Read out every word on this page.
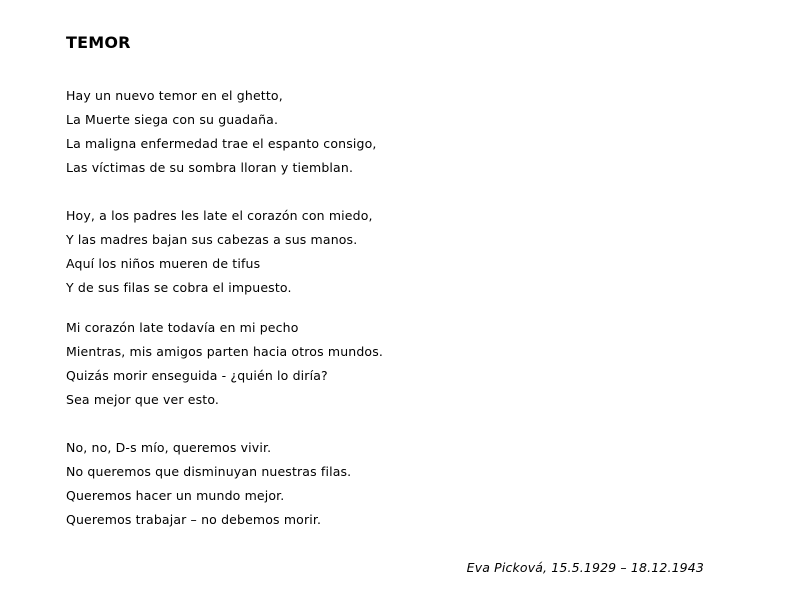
TEMOR
Hay un nuevo temor en el ghetto,
La Muerte siega con su guadaña.
La maligna enfermedad trae el espanto consigo,
Las víctimas de su sombra lloran y tiemblan.
Hoy, a los padres les late el corazón con miedo,
Y las madres bajan sus cabezas a sus manos.
Aquí los niños mueren de tifus
Y de sus filas se cobra el impuesto.
Mi corazón late todavía en mi pecho
Mientras, mis amigos parten hacia otros mundos.
Quizás morir enseguida - ¿quién lo diría?
Sea mejor que ver esto.
No, no, D-s mío, queremos vivir.
No queremos que disminuyan nuestras filas.
Queremos hacer un mundo mejor.
Queremos trabajar – no debemos morir.

Eva Picková, 15.5.1929 – 18.12.1943
